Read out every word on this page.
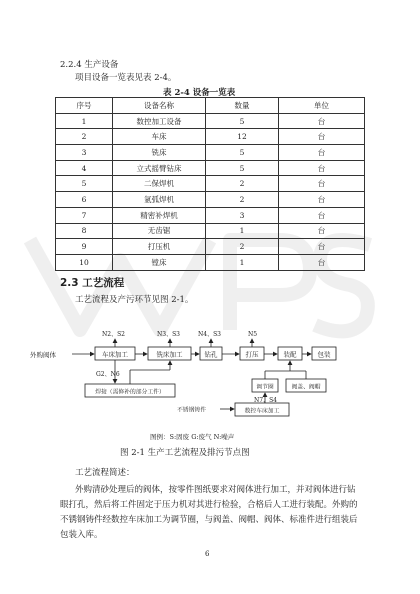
2.2.4 生产设备
项目设备一览表见表 2-4。
表 2-4 设备一览表
序号	设备名称	数量	单位
1	数控加工设备	5	台
2	车床	12	台
3	铣床	5	台
4	立式摇臂钻床	5	台
5	二保焊机	2	台
6	氩弧焊机	2	台
7	精密补焊机	3	台
8	无齿锯	1	台
9	打压机	2	台
10	镗床	1	台
2.3 工艺流程
工艺流程及产污环节见图 2-1。
外购阀体	车床加工	铣床加工	钻孔	打压	装配	包装
焊接（需修补的部分工件）
调节圈	阀盖、阀帽
数控车床加工
N2、S2	N3、S3	N4、S3	N5
G2、N6
N7、S4
不锈钢铸件
图例：S:固废 G:废气 N:噪声
图 2-1 生产工艺流程及排污节点图
工艺流程简述：
外购清砂处理后的阀体，按零件图纸要求对阀体进行加工，并对阀体进行钻
眼打孔，然后将工件固定于压力机对其进行检验，合格后人工进行装配。外购的
不锈钢铸件经数控车床加工为调节圈，与阀盖、阀帽、阀体、标准件进行组装后
包装入库。
6
